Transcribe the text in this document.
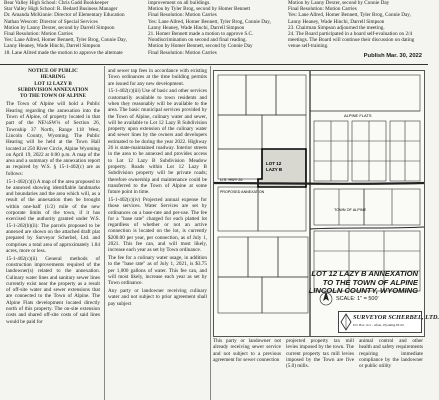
Bear Valley High School: Chris Gadd Bookkeeper

Star Valley High School: R. Bedard Business Manager

Dr. Amanda McKinnie: Director of Elementary Education

Nathan Wescott: Director of Special Services

Motion by Lanny Dexter, second by Darrell Simpson

Final Resolution: Motion Carries

Yes: Lane Allred, Homer Bennett, Tyler Brog, Connie Day,

Lanny Heaney, Wade Hinchi, Darrell Simpson

18. Lane Allred made the motion to approve the alternate

improvement on all buildings.

Motion by Tyler Brog, second by Homer Bennett

Final Resolution: Motion Carries

Yes: Lane Allred, Homer Bennett, Tyler Brog, Connie Day,

Lanny Heaney, Wade Hinchi, Darrell Simpson

21. Homer Bennett made a motion to approve S.C.

Nondiscrimination on second and final reading.

Motion by Homer Bennett, second by Connie Day

Final Resolution: Motion Carries

Motion by Lanny Dexter, second by Connie Day

Final Resolution: Motion Carries

Yes: Lane Allred, Homer Bennett, Tyler Brog, Connie Day,

Lanny Heaney, Wade Hinchi, Darrell Simpson

23. Chairman Simpson adjourned the meeting.

24. The Board participated in a board self-evaluation on 2/4

meetings. The Board will continue their discussion on dating

venue self-training.

Publish Mar. 30, 2022

NOTICE OF PUBLIC

HEARING

LOT 12 LAZY B

SUBDIVISION ANNEXATION

TO THE TOWN OF ALPINE

The Town of Alpine will hold a Public Hearing regarding the annexation into the Town of Alpine, of property located in that part of the NE¼SW¼ of Section 26, Township 37 North, Range 118 West, Lincoln County, Wyoming. The Public Hearing will be held at the Town Hall located at 250 River Circle, Alpine Wyoming on April 19, 2022 at 6:00 p.m. A map of the area and a summary of the annexation report as required by W.S. § 15-1-402(c) are as follows:

15-1-402(c)(i) A map of the area proposed to be annexed showing identifiable landmarks and boundaries and the area which will, as a result of the annexation then be brought within one-half (1/2) mile of the new corporate limits of the town, if it has exercised the authority granted under W.S. 15-1-202(b)(ii): The parcels proposed to be annexed are shown on the attached draft plat prepared by Surveyor Scherbel, Ltd. and comprises a total area of approximately 1.84 acres, more or less.

15-1-402(c)(ii) General methods of construction improvements required of the landowner(s) related to the annexation. Culinary water lines and sanitary sewer lines currently exist near the property as a result of off-site water and sewer extensions that are connected to the Town of Alpine. The Alpine Flats development located directly north of this property. The on-site extension costs and shared off-site costs of said lines would be paid for

and sewer tap fees in accordance with existing Town ordinances at the time building permits are issued for any new development.

15-1-402(c)(iii) Use of basic and other services customarily available to town residents and when they reasonably will be available to the area. The basic municipal services provided by the Town of Alpine, culinary water and sewer, will be available to Lot 12 Lazy B Subdivision property upon extension of the culinary water and sewer lines by the owners and developers estimated to be during the year 2022. Highway 26 is state-maintained roadway. Interior streets in the area to be annexed and provides access to Lot 12 Lazy B Subdivision Meadow property. Roads within Lot 12 Lazy B Subdivision property will be private roads; therefore ownership and maintenance could be transferred to the Town of Alpine at some future point in time.

15-1-402(c)(iv) Projected annual expense for those services. Water Services are set by ordinances on a base-rate and per-use. The fee for a "base rate" charged for each platted lot regardless of whether or not an active connection is located on the lot, is currently $200.00 per year, per connection, as of July 1, 2021. This fee can, and will most likely, increase each year as set by Town ordinance.

The fee for a culinary water usage, in addition to the "base rate" as of July 1, 2021, is $3.75 per 1,000 gallons of water. This fee can, and will most likely, increase each year as set by Town ordinance.

Any party or landowner receiving culinary water and not subject to prior agreement shall pay subject

LOT 12
LAZY B
ALPINE FLATS
U.S. HWY 26
PROPOSED ANNEXATION
TOWN OF ALPINE
LOT 12 LAZY B ANNEXATION
TO THE TOWN OF ALPINE
LINCOLN COUNTY, WYOMING
SCALE: 1" = 500'
SURVEYOR SCHERBEL, LTD.
P.O. Box 1111 - Afton, Wyoming 83110

This party or landowner not already receiving sewer service and not subject to a previous agreement for sewer connection

projected property tax mill levies imposed by the town. The current property tax mill levies imposed by the Town are five (5.0) mills.

animal control and other health and safety requirements requiring immediate compliance by the landowner or public utility
